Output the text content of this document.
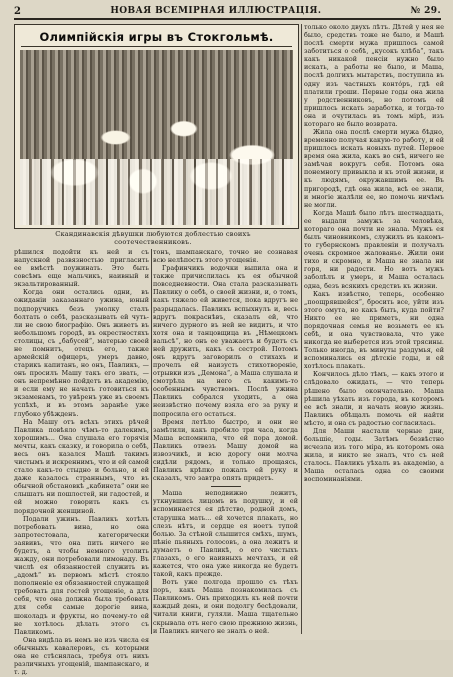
2	НОВАЯ ВСЕМIРНАЯ ИЛЛЮСТРАЦIЯ.	№ 29.
Олимпiйскiя игры въ Стокгольмѣ.
Скандинавскiя дѣвушки любуются доблестью своихъ соотечественниковъ.

рѣшился подойти къ ней и съ напускной развязностью пригласить ее вмѣстѣ поужинать. Это быть совсѣмъ еще мальчикъ, наивный и экзальтированный.

Когда они остались одни, въ ожиданiи заказаннаго ужина, юный подпоручикъ безъ умолку сталъ болтать о себѣ, разсказывать ей чуть-ли не свою биографiю. Онъ живетъ въ небольшомъ городѣ, въ окрестностяхъ столицы, съ „бабусей“, матерью своей не помнитъ, отецъ его, также армейскiй офицеръ, умеръ давно, старикъ капитанъ, но онъ, Павликъ, — онъ просилъ Машу такъ его звать, — онъ непремѣнно пойдетъ въ академiю, и если ему не начать готовиться къ экзаменамъ, то увѣренъ уже въ своемъ успѣхѣ, и въ этомъ заранѣе уже глубоко убѣжденъ.

На Машу отъ всѣхъ этихъ рѣчей Павлика повѣяло чѣмъ-то далекимъ, хорошимъ... Она слушала его горячiя мечты, какъ сказку, и говорила о себѣ, весь онъ казался Машѣ такимъ чистымъ и искреннимъ, что и ей самой стало какъ-то стыдно и больно, и ей даже казалось страннымъ, что въ обычной обстановкѣ „кабинета“ они не слышатъ ни пошлостей, ни гадостей, и ей можно говорить какъ съ порядочной женщиной.

Подали ужинъ. Павликъ хотѣлъ потребовать вина, но она запротестовала, категорически заявивъ, что она пить ничего не будетъ, а чтобы немного утолить жажду, они потребовали лимонаду. Въ числѣ ея обязанностей служить въ „адомѣ“ въ первомъ мѣстѣ стояло пополненiе ея обязанностей служащей требовать для гостей угощенiе, а для себя, что она должна была требовать для себя самые дорогiе вина, шоколадъ и фрукты, но почему-то ей не хотѣлось дѣлать этого съ Павликомъ.

Она видѣла въ немъ не изъ числа ея обычныхъ кавалеровъ, съ которыми она не стѣснялась, требуя отъ нихъ различныхъ угощенiй, шампанскаго, и т. д.

тонъ, шампанскаго, точно не сознавая всю нелѣпость этого угощенiя.

Графинчикъ водочки выпила она и также причислилась къ ея обычной повседневности. Она стала разсказывать Павлику о себѣ, о своей жизни, и, о томъ, какъ тяжело ей живется, пока вдругъ не разрыдалась. Павликъ вспыхнулъ и, весь вдругъ покраснѣвъ, сказалъ ей, что ничего дурного въ ней не видитъ, и что хотя она и танцовщица въ „Нѣмецкомъ вальсѣ“, но онъ ее уважаетъ и будетъ съ ней дружить, какъ съ сестрой. Потомъ онъ вдругъ заговорилъ о стихахъ и прочелъ ей наизусть стихотворенiе, отрывки изъ „Демона“, а Маша слушала и смотрѣла на него съ какимъ-то особеннымъ чувствомъ. Послѣ ужина Павликъ собрался уходить, а она неизвѣстно почему взяла его за руку и попросила его остаться.

Время летѣло быстро, и они не замѣтили, какъ пробило три часа, когда Маша вспомнила, что ей пора домой. Павликъ отвезъ Машу домой на извозчикѣ, и всю дорогу они молча сидѣли рядомъ, и только прощаясь, Павликъ крѣпко пожалъ ей руку и сказалъ, что завтра опять придетъ.

Маша неподвижно лежитъ, уткнувшись лицомъ въ подушку, и ей вспоминается ея дѣтство, родной домъ, старушка мать... ей хочется плакать, но слезъ нѣтъ, и сердце ея ноетъ тупой болью. За стѣной слышится смѣхъ, шумъ, пѣнiе пьяныхъ голосовъ, а она лежитъ и думаетъ о Павликѣ, о его чистыхъ глазахъ, о его наивныхъ мечтахъ, и ей кажется, что она уже никогда не будетъ такой, какъ прежде.

Вотъ уже полгода прошло съ тѣхъ поръ, какъ Маша познакомилась съ Павликомъ. Онъ приходилъ къ ней почти каждый день, и они подолгу бесѣдовали, читали книги, гуляли. Маша тщательно скрывала отъ него свою прежнюю жизнь, и Павликъ ничего не зналъ о ней.

только около двухъ лѣтъ. Дѣтей у нея не было, средствъ тоже не было, и Машѣ послѣ смерти мужа пришлось самой заботиться о себѣ, „кусокъ хлѣба“, такъ какъ никакой пенсiи нужно было искать, а работы не было, и Маша, послѣ долгихъ мытарствъ, поступила въ одну изъ частныхъ контóръ, гдѣ ей платили гроши. Первые годы она жила у родственниковъ, но потомъ ей пришлось искать заработка, и тогда-то она и очутилась въ томъ мiрѣ, изъ котораго не было возврата.

Жила она послѣ смерти мужа бѣдно, временно получая какую-то работу, и ей пришлось искать новыхъ путей. Первое время она жила, какъ во снѣ, ничего не замѣчая вокругъ себя. Потомъ она понемногу привыкла и къ этой жизни, и къ людямъ, окружавшимъ ее. Въ пригородѣ, гдѣ она жила, всѣ ее знали, и многiе жалѣли ее, но помочь ничѣмъ не могли.

Когда Машѣ было лѣтъ шестнадцать, ее выдали замужъ за человѣка, котораго она почти не знала. Мужъ ея былъ чиновникомъ, служилъ въ какомъ-то губернскомъ правленiи и получалъ очень скромное жалованье. Жили они тихо и скромно, и Маша не знала ни горя, ни радости. Но вотъ мужъ заболѣлъ и умеръ, и Маша осталась одна, безъ всякихъ средствъ къ жизни.

Какъ извѣстно, теперь, особенно „поощрявшейся“, бросить все, уйти изъ этого омута, но какъ быть, куда пойти? Никто ее не приметъ, ни одна порядочная семья не возьметъ ее къ себѣ, и она чувствовала, что уже никогда не выберется изъ этой трясины. Только иногда, въ минуты раздумья, ей вспоминались ея дѣтскiе годы, и ей хотѣлось плакать.

Кончилось дѣло тѣмъ, — какъ этого и слѣдовало ожидать, — что теперь рѣшено было окончательно. Маша рѣшила уѣхать изъ города, въ которомъ ее всѣ знали, и начать новую жизнь. Павликъ обѣщалъ помочь ей найти мѣсто, и она съ радостью согласилась.

Для Маши настали черные дни, большiе, годы. Затѣмъ безвѣстно исчезла изъ того мiра, въ которомъ она жила, и никто не зналъ, что съ ней сталось. Павликъ уѣхалъ въ академiю, а Маша осталась одна со своими воспоминанiями.
